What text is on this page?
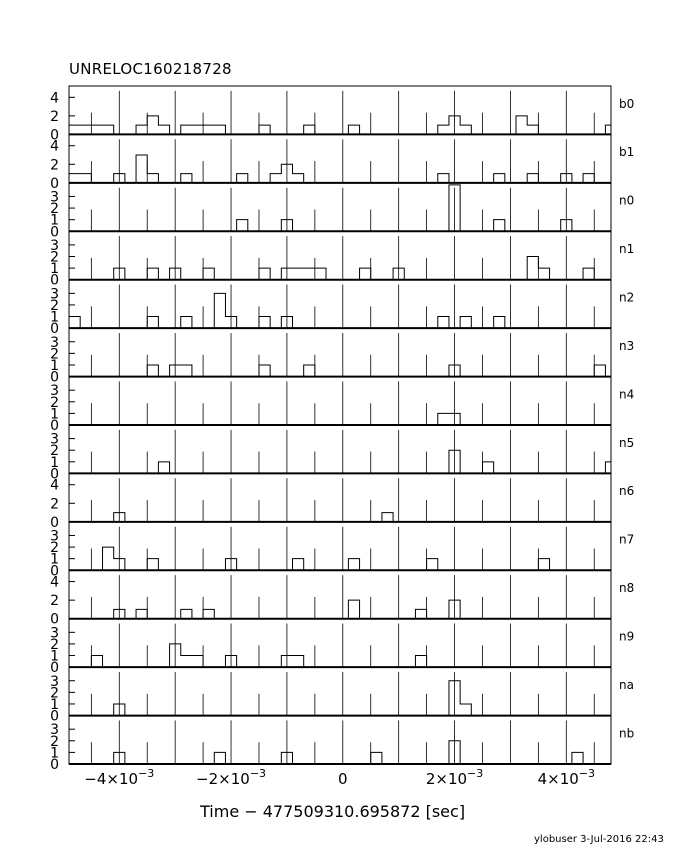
UNRELOC160218728
0
2
4	b0
0
2
4	b1
0
1
2
3	n0
0
1
2
3	n1
0
1
2
3	n2
0
1
2
3	n3
0
1
2
3	n4
0
1
2
3	n5
0
2
4	n6
0
1
2
3	n7
0
2
4	n8
0
1
2
3	n9
0
1
2
3	na
0
1
2
3	nb
$-4\times 10^{-3}$	$-2\times 10^{-3}$	0	$2\times 10^{-3}$	$4\times 10^{-3}$
Time − 477509310.695872 [sec]
ylobuser 3-Jul-2016 22:43
